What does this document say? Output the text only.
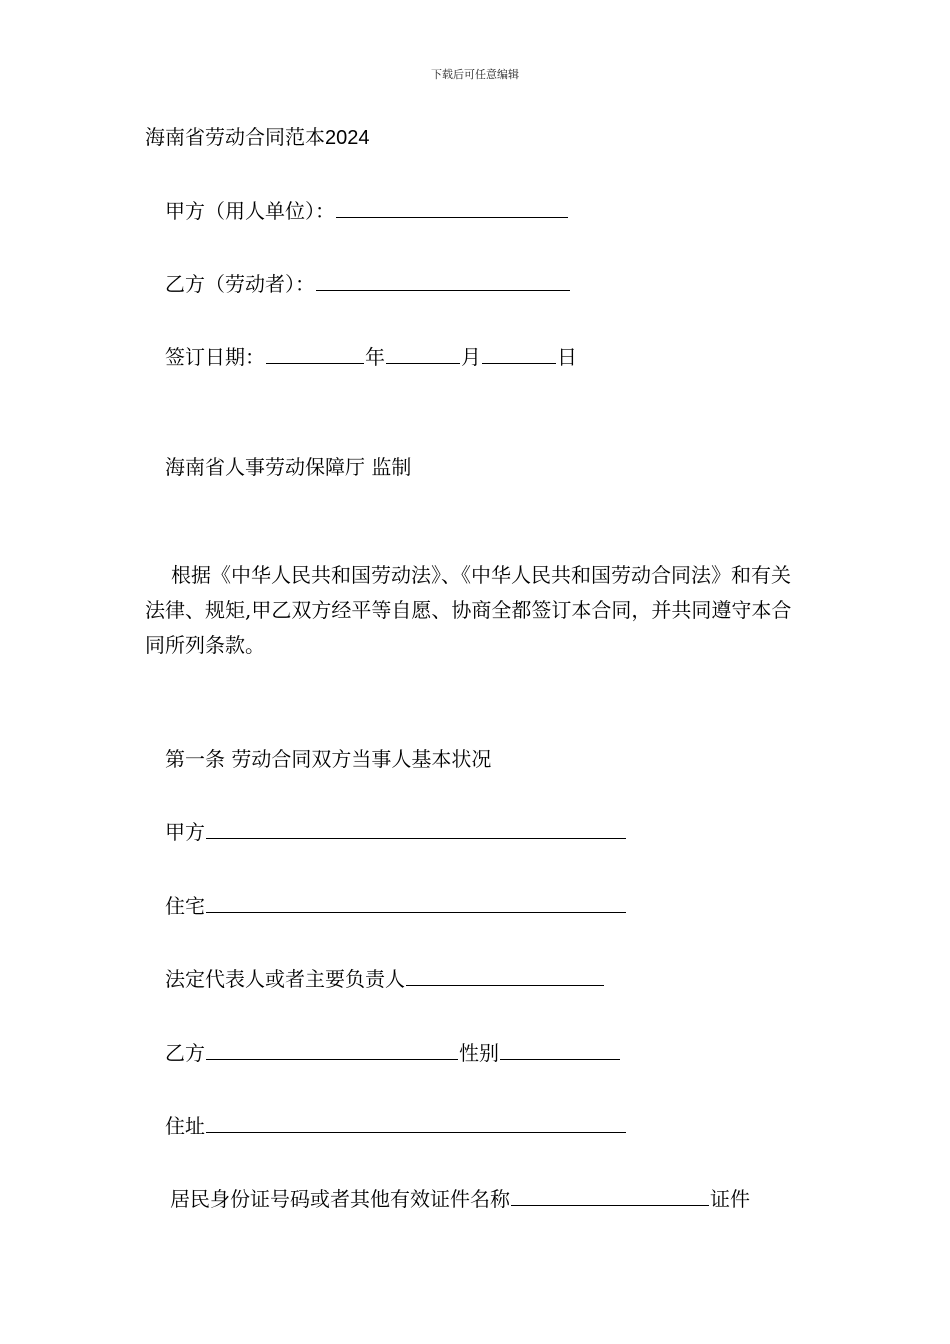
下载后可任意编辑
海南省劳动合同范本2024
甲方（用人单位）：
乙方（劳动者）：
签订日期：	年	月	日
海南省人事劳动保障厅 监制
根据《中华人民共和国劳动法》、《中华人民共和国劳动合同法》和有关法律、规矩,甲乙双方经平等自愿、协商全都签订本合同，并共同遵守本合同所列条款。
第一条 劳动合同双方当事人基本状况
甲方
住宅
法定代表人或者主要负责人
乙方	性别
住址
居民身份证号码或者其他有效证件名称	证件
